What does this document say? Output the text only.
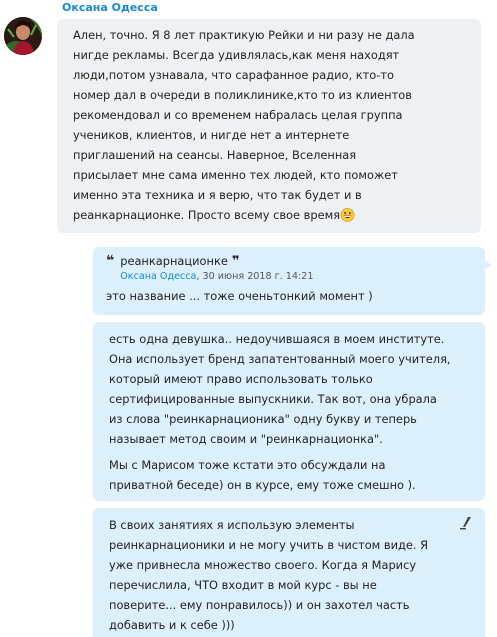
Оксана Одесса
Ален, точно. Я 8 лет практикую Рейки и ни разу не дала
нигде рекламы. Всегда удивлялась,как меня находят
люди,потом узнавала, что сарафанное радио, кто-то
номер дал в очереди в поликлинике,кто то из клиентов
рекомендовал и со временем набралась целая группа
учеников, клиентов, и нигде нет а интернете
приглашений на сеансы. Наверное, Вселенная
присылает мне сама именно тех людей, кто поможет
именно эта техника и я верю, что так будет и в
реанкарнационке. Просто всему свое время
❝ реанкарнационке ❞
Оксана Одесса, 30 июня 2018 г. 14:21
это название ... тоже оченьтонкий момент )

есть одна девушка.. недоучившаяся в моем институте.
Она использует бренд запатентованный моего учителя,
который имеют право использовать только
сертифицированные выпускники. Так вот, она убрала
из слова "реинкарнационика" одну букву и теперь
называет метод своим и "реинкарнационка".

Мы с Марисом тоже кстати это обсуждали на
приватной беседе) он в курсе, ему тоже смешно ).

В своих занятиях я использую элементы
реинкарнационики и не могу учить в чистом виде. Я
уже привнесла множество своего. Когда я Марису
перечислила, ЧТО входит в мой курс - вы не
поверите... ему понравилось)) и он захотел часть
добавить и к себе )))
